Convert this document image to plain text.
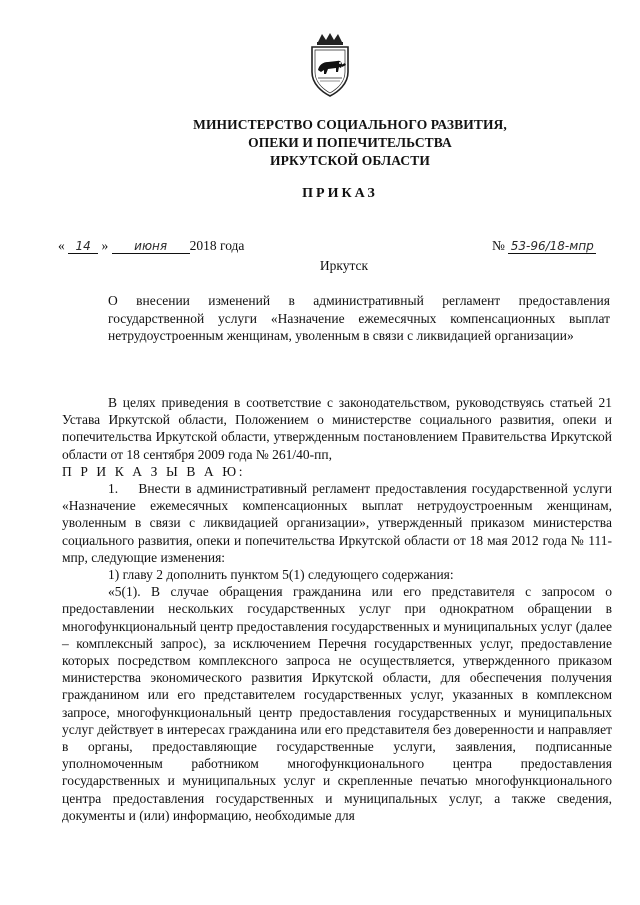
МИНИСТЕРСТВО СОЦИАЛЬНОГО РАЗВИТИЯ,
ОПЕКИ И ПОПЕЧИТЕЛЬСТВА
ИРКУТСКОЙ ОБЛАСТИ
ПРИКАЗ
« 14 » июня 2018 года	№ 53-96/18-мпр
Иркутск
О внесении изменений в административный регламент предоставления государственной услуги «Назначение ежемесячных компенсационных выплат нетрудоустроенным женщинам, уволенным в связи с ликвидацией организации»

В целях приведения в соответствие с законодательством, руководствуясь статьей 21 Устава Иркутской области, Положением о министерстве социального развития, опеки и попечительства Иркутской области, утвержденным постановлением Правительства Иркутской области от 18 сентября 2009 года № 261/40-пп,

П Р И К А З Ы В А Ю:

1.    Внести в административный регламент предоставления государственной услуги «Назначение ежемесячных компенсационных выплат нетрудоустроенным женщинам, уволенным в связи с ликвидацией организации», утвержденный приказом министерства социального развития, опеки и попечительства Иркутской области от 18 мая 2012 года № 111-мпр, следующие изменения:

1) главу 2 дополнить пунктом 5(1) следующего содержания:

«5(1). В случае обращения гражданина или его представителя с запросом о предоставлении нескольких государственных услуг при однократном обращении в многофункциональный центр предоставления государственных и муниципальных услуг (далее – комплексный запрос), за исключением Перечня государственных услуг, предоставление которых посредством комплексного запроса не осуществляется, утвержденного приказом министерства экономического развития Иркутской области, для обеспечения получения гражданином или его представителем государственных услуг, указанных в комплексном запросе, многофункциональный центр предоставления государственных и муниципальных услуг действует в интересах гражданина или его представителя без доверенности и направляет в органы, предоставляющие государственные услуги, заявления, подписанные уполномоченным работником многофункционального центра предоставления государственных и муниципальных услуг и скрепленные печатью многофункционального центра предоставления государственных и муниципальных услуг, а также сведения, документы и (или) информацию, необходимые для
